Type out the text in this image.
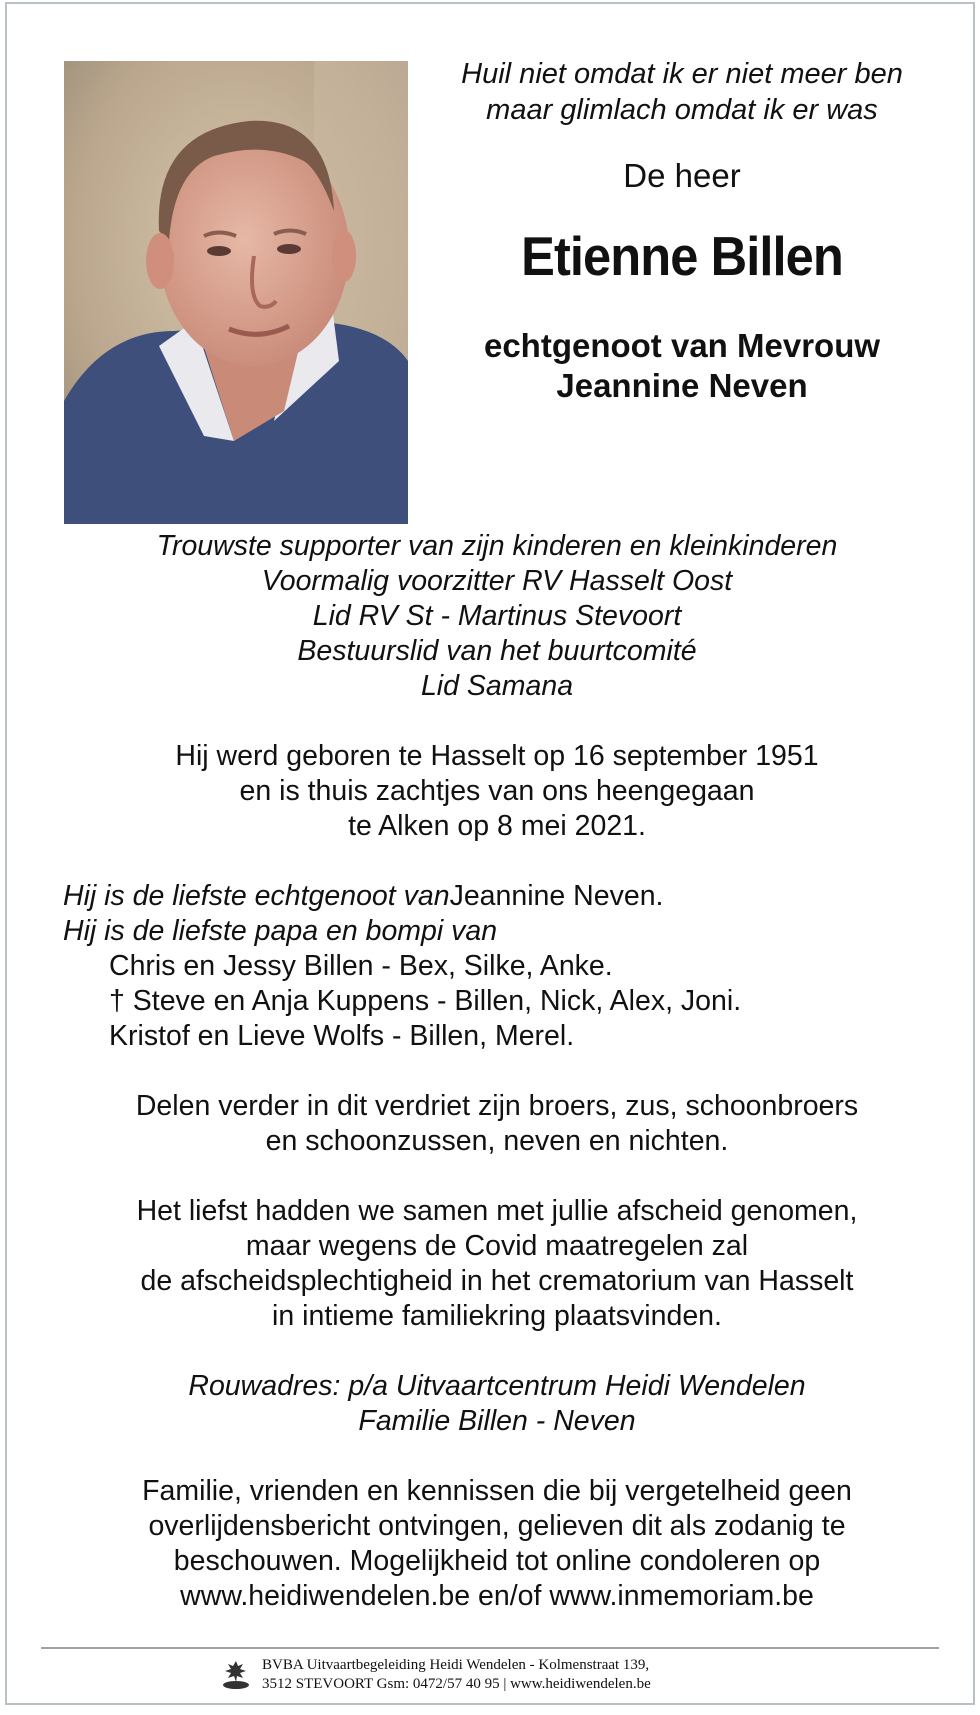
Huil niet omdat ik er niet meer ben
maar glimlach omdat ik er was
De heer
Etienne Billen
echtgenoot van Mevrouw
Jeannine Neven
Trouwste supporter van zijn kinderen en kleinkinderen
Voormalig voorzitter RV Hasselt Oost
Lid RV St - Martinus Stevoort
Bestuurslid van het buurtcomité
Lid Samana
Hij werd geboren te Hasselt op 16 september 1951
en is thuis zachtjes van ons heengegaan
te Alken op 8 mei 2021.
Hij is de liefste echtgenoot vanJeannine Neven.
Hij is de liefste papa en bompi van
Chris en Jessy Billen - Bex, Silke, Anke.
† Steve en Anja Kuppens - Billen, Nick, Alex, Joni.
Kristof en Lieve Wolfs - Billen, Merel.
Delen verder in dit verdriet zijn broers, zus, schoonbroers
en schoonzussen, neven en nichten.
Het liefst hadden we samen met jullie afscheid genomen,
maar wegens de Covid maatregelen zal
de afscheidsplechtigheid in het crematorium van Hasselt
in intieme familiekring plaatsvinden.
Rouwadres: p/a Uitvaartcentrum Heidi Wendelen
Familie Billen - Neven
Familie, vrienden en kennissen die bij vergetelheid geen
overlijdensbericht ontvingen, gelieven dit als zodanig te
beschouwen. Mogelijkheid tot online condoleren op
www.heidiwendelen.be en/of www.inmemoriam.be
BVBA Uitvaartbegeleiding Heidi Wendelen - Kolmenstraat 139,
3512 STEVOORT Gsm: 0472/57 40 95 | www.heidiwendelen.be
